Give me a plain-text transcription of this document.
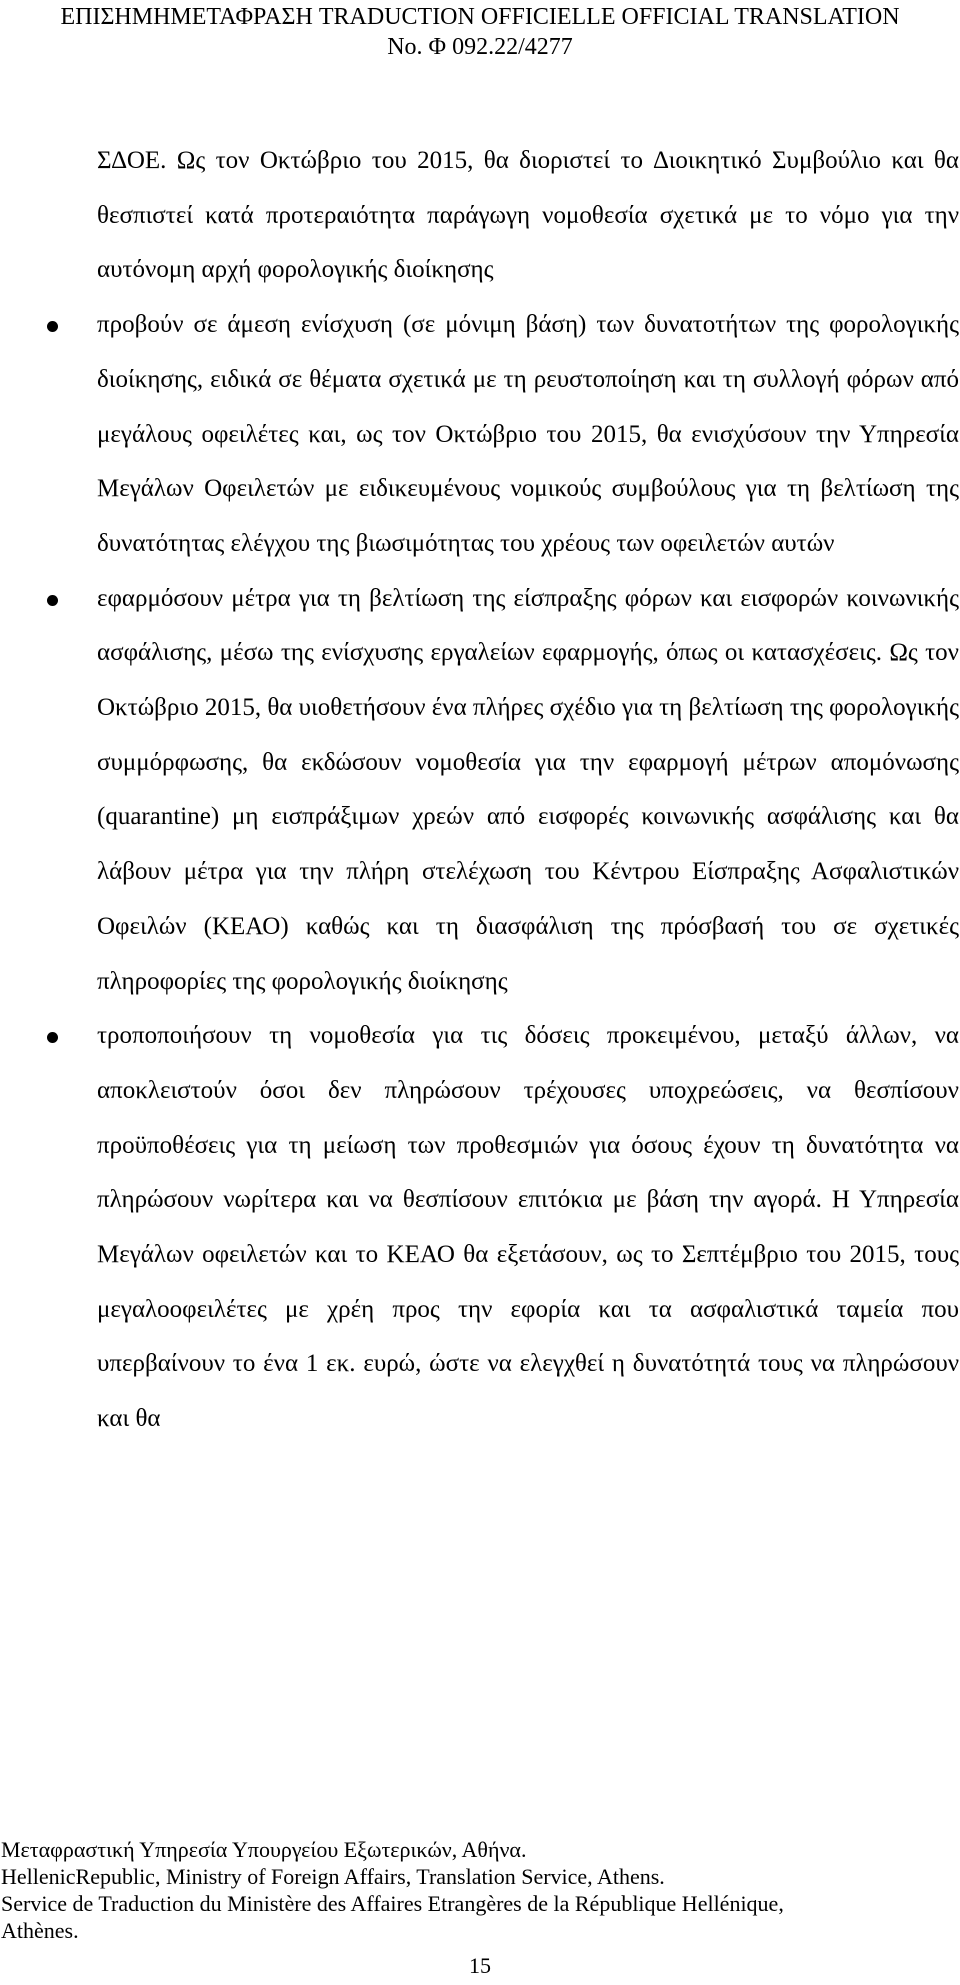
ΕΠΙΣΗΜΗΜΕΤΑΦΡΑΣΗ TRADUCTION OFFICIELLE OFFICIAL TRANSLATION
No. Φ 092.22/4277

Σ∆ΟΕ. Ως τον Οκτώβριο του 2015, θα διοριστεί το ∆ιοικητικό Συμβούλιο και θα θεσπιστεί κατά προτεραιότητα παράγωγη νομοθεσία σχετικά με το νόμο για την αυτόνομη αρχή φορολογικής διοίκησης

προβούν σε άμεση ενίσχυση (σε μόνιμη βάση) των δυνατοτήτων της φορολογικής διοίκησης, ειδικά σε θέματα σχετικά με τη ρευστοποίηση και τη συλλογή φόρων από μεγάλους οφειλέτες και, ως τον Οκτώβριο του 2015, θα ενισχύσουν την Υπηρεσία Μεγάλων Οφειλετών με ειδικευμένους νομικούς συμβούλους για τη βελτίωση της δυνατότητας ελέγχου της βιωσιμότητας του χρέους των οφειλετών αυτών

εφαρμόσουν μέτρα για τη βελτίωση της είσπραξης φόρων και εισφορών κοινωνικής ασφάλισης, μέσω της ενίσχυσης εργαλείων εφαρμογής, όπως οι κατασχέσεις. Ως τον Οκτώβριο 2015, θα υιοθετήσουν ένα πλήρες σχέδιο για τη βελτίωση της φορολογικής συμμόρφωσης, θα εκδώσουν νομοθεσία για την εφαρμογή μέτρων απομόνωσης (quarantine) μη εισπράξιμων χρεών από εισφορές κοινωνικής ασφάλισης και θα λάβουν μέτρα για την πλήρη στελέχωση του Κέντρου Είσπραξης Ασφαλιστικών Οφειλών (ΚΕΑΟ) καθώς και τη διασφάλιση της πρόσβασή του σε σχετικές πληροφορίες της φορολογικής διοίκησης

τροποποιήσουν τη νομοθεσία για τις δόσεις προκειμένου, μεταξύ άλλων, να αποκλειστούν όσοι δεν πληρώσουν τρέχουσες υποχρεώσεις, να θεσπίσουν προϋποθέσεις για τη μείωση των προθεσμιών για όσους έχουν τη δυνατότητα να πληρώσουν νωρίτερα και να θεσπίσουν επιτόκια με βάση την αγορά. Η Υπηρεσία Μεγάλων οφειλετών και το ΚΕΑΟ θα εξετάσουν, ως το Σεπτέμβριο του 2015, τους μεγαλοοφειλέτες με χρέη προς την εφορία και τα ασφαλιστικά ταμεία που υπερβαίνουν το ένα 1 εκ. ευρώ, ώστε να ελεγχθεί η δυνατότητά τους να πληρώσουν και θα

Μεταφραστική Υπηρεσία Υπουργείου Εξωτερικών, Αθήνα.
HellenicRepublic, Ministry of Foreign Affairs, Translation Service, Athens.
Service de Traduction du Ministère des Affaires Etrangères de la République Hellénique,
Athènes.
15
